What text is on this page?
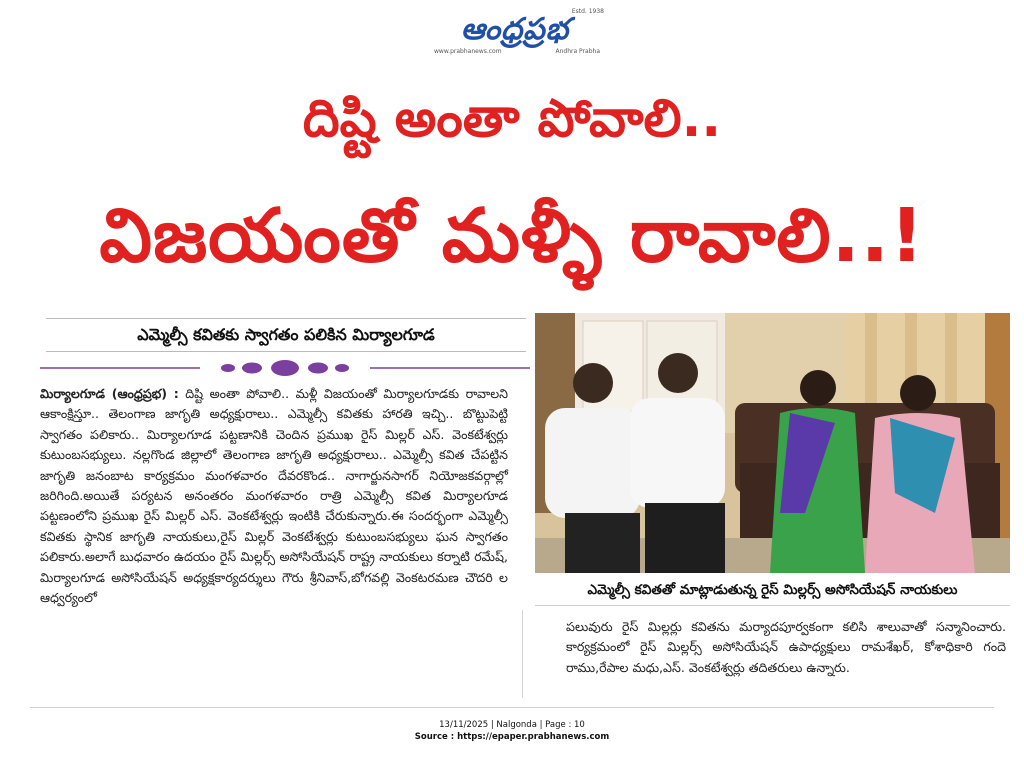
Estd. 1938
ఆంధ్రప్రభ
www.prabhanews.com	Andhra Prabha
దిష్టి అంతా పోవాలి..
విజయంతో మళ్ళీ రావాలి..!
ఎమ్మెల్సీ కవితకు స్వాగతం పలికిన మిర్యాలగూడ

మిర్యాలగూడ (ఆంధ్రప్రభ) : దిష్టి అంతా పోవాలి.. మళ్లీ విజయంతో మిర్యాలగూడకు రావాలని ఆకాంక్షిస్తూ.. తెలంగాణ జాగృతి అధ్యక్షురాలు.. ఎమ్మెల్సీ కవితకు హారతి ఇచ్చి.. బొట్టుపెట్టి స్వాగతం పలికారు.. మిర్యాలగూడ పట్టణానికి చెందిన ప్రముఖ రైస్ మిల్లర్ ఎస్. వెంకటేశ్వర్లు కుటుంబసభ్యులు. నల్లగొండ జిల్లాలో తెలంగాణ జాగృతి అధ్యక్షురాలు.. ఎమ్మెల్సీ కవిత చేపట్టిన జాగృతి జనంబాట కార్యక్రమం మంగళవారం దేవరకొండ.. నాగార్జునసాగర్ నియోజకవర్గాల్లో జరిగింది.అయితే పర్యటన అనంతరం మంగళవారం రాత్రి ఎమ్మెల్సీ కవిత మిర్యాలగూడ పట్టణంలోని ప్రముఖ రైస్ మిల్లర్ ఎస్. వెంకటేశ్వర్లు ఇంటికి చేరుకున్నారు.ఈ సందర్భంగా ఎమ్మెల్సీ కవితకు స్థానిక జాగృతి నాయకులు,రైస్ మిల్లర్ వెంకటేశ్వర్లు కుటుంబసభ్యులు ఘన స్వాగతం పలికారు.అలాగే బుధవారం ఉదయం రైస్ మిల్లర్స్ అసోసియేషన్ రాష్ట్ర నాయకులు కర్నాటి రమేష్, మిర్యాలగూడ అసోసియేషన్ అధ్యక్షకార్యదర్శులు గౌరు శ్రీనివాస్,బోగవల్లి వెంకటరమణ చౌదరి ల ఆధ్వర్యంలో	ఎమ్మెల్సీ కవితతో మాట్లాడుతున్న రైస్ మిల్లర్స్ అసోసియేషన్ నాయకులు
పలువురు రైస్ మిల్లర్లు కవితను మర్యాదపూర్వకంగా కలిసి శాలువాతో సన్మానించారు. కార్యక్రమంలో రైస్ మిల్లర్స్ అసోసియేషన్ ఉపాధ్యక్షులు రామశేఖర్, కోశాధికారి గందె రాము,రేపాల మధు,ఎస్. వెంకటేశ్వర్లు తదితరులు ఉన్నారు.
13/11/2025 | Nalgonda | Page : 10
Source : https://epaper.prabhanews.com
